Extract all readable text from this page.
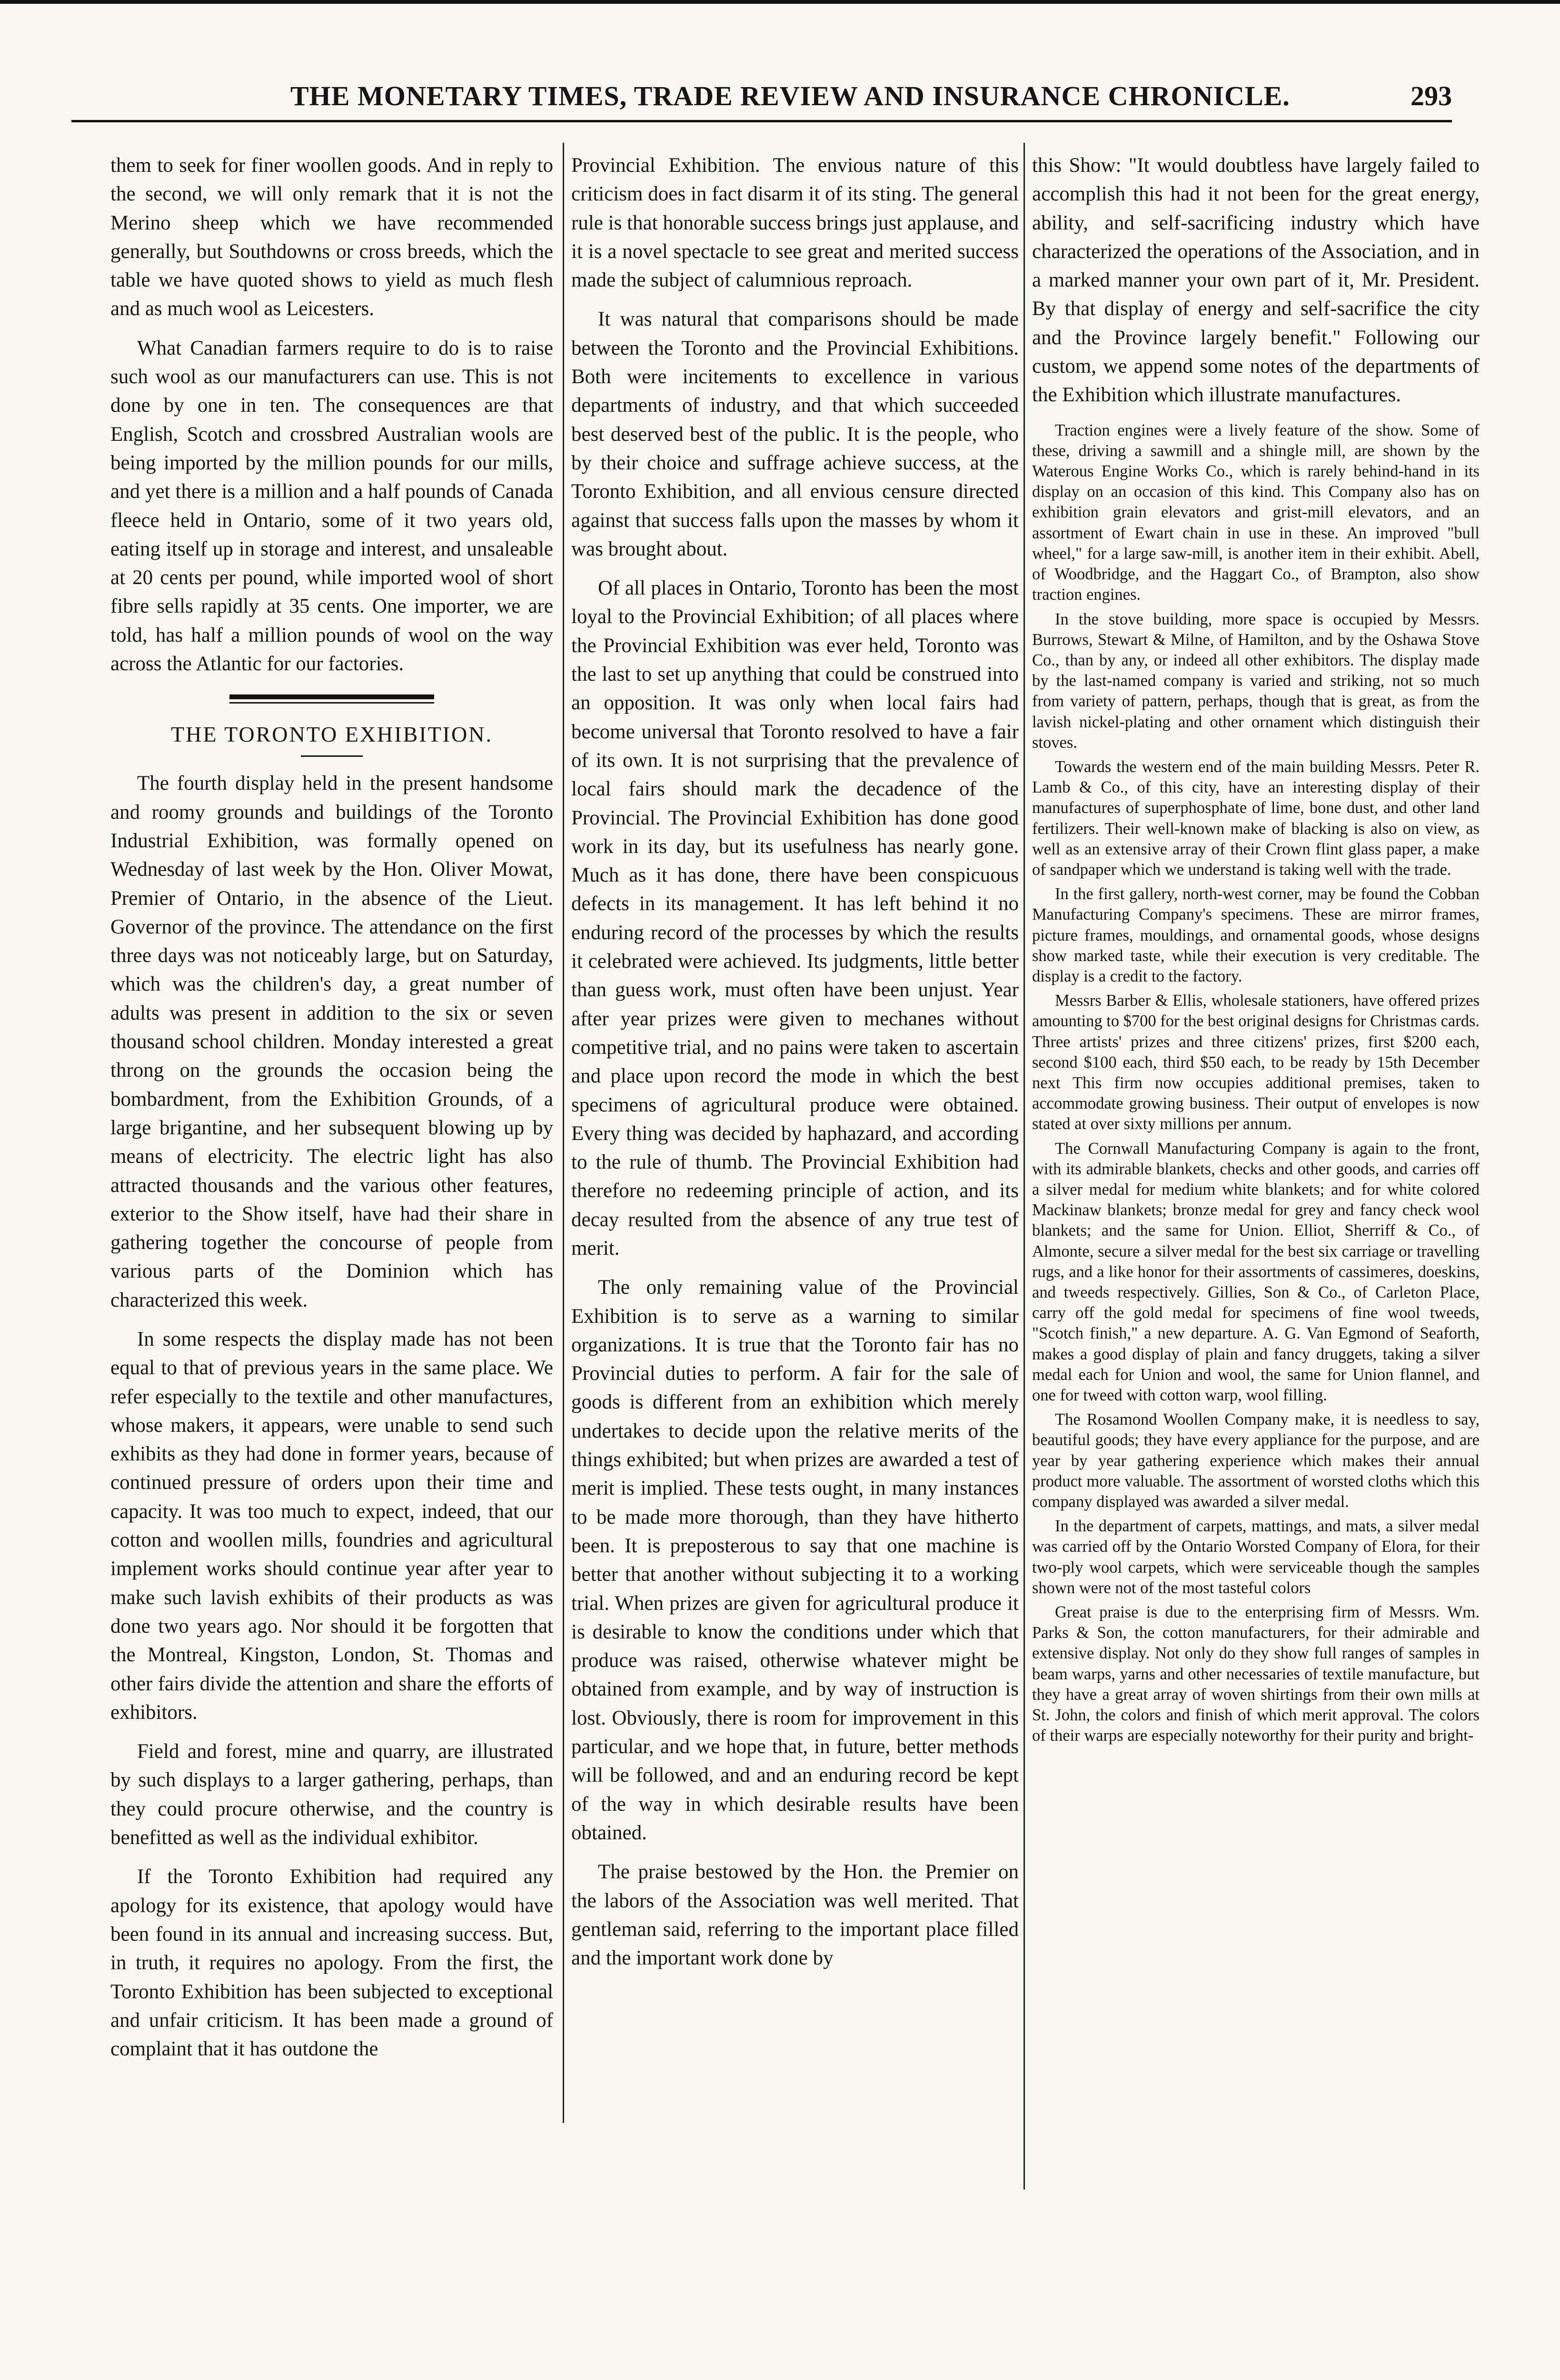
THE MONETARY TIMES, TRADE REVIEW AND INSURANCE CHRONICLE.	293

them to seek for finer woollen goods. And in reply to the second, we will only remark that it is not the Merino sheep which we have recommended generally, but Southdowns or cross breeds, which the table we have quoted shows to yield as much flesh and as much wool as Leicesters.

What Canadian farmers require to do is to raise such wool as our manufacturers can use. This is not done by one in ten. The consequences are that English, Scotch and crossbred Australian wools are being imported by the million pounds for our mills, and yet there is a million and a half pounds of Canada fleece held in Ontario, some of it two years old, eating itself up in storage and interest, and unsaleable at 20 cents per pound, while imported wool of short fibre sells rapidly at 35 cents. One importer, we are told, has half a million pounds of wool on the way across the Atlantic for our factories.

THE TORONTO EXHIBITION.

The fourth display held in the present handsome and roomy grounds and buildings of the Toronto Industrial Exhibition, was formally opened on Wednesday of last week by the Hon. Oliver Mowat, Premier of Ontario, in the absence of the Lieut. Governor of the province. The attendance on the first three days was not noticeably large, but on Saturday, which was the children's day, a great number of adults was present in addition to the six or seven thousand school children. Monday interested a great throng on the grounds the occasion being the bombardment, from the Exhibition Grounds, of a large brigantine, and her subsequent blowing up by means of electricity. The electric light has also attracted thousands and the various other features, exterior to the Show itself, have had their share in gathering together the concourse of people from various parts of the Dominion which has characterized this week.

In some respects the display made has not been equal to that of previous years in the same place. We refer especially to the textile and other manufactures, whose makers, it appears, were unable to send such exhibits as they had done in former years, because of continued pressure of orders upon their time and capacity. It was too much to expect, indeed, that our cotton and woollen mills, foundries and agricultural implement works should continue year after year to make such lavish exhibits of their products as was done two years ago. Nor should it be forgotten that the Montreal, Kingston, London, St. Thomas and other fairs divide the attention and share the efforts of exhibitors.

Field and forest, mine and quarry, are illustrated by such displays to a larger gathering, perhaps, than they could procure otherwise, and the country is benefitted as well as the individual exhibitor.

If the Toronto Exhibition had required any apology for its existence, that apology would have been found in its annual and increasing success. But, in truth, it requires no apology. From the first, the Toronto Exhibition has been subjected to exceptional and unfair criticism. It has been made a ground of complaint that it has outdone the

Provincial Exhibition. The envious nature of this criticism does in fact disarm it of its sting. The general rule is that honorable success brings just applause, and it is a novel spectacle to see great and merited success made the subject of calumnious reproach.

It was natural that comparisons should be made between the Toronto and the Provincial Exhibitions. Both were incitements to excellence in various departments of industry, and that which succeeded best deserved best of the public. It is the people, who by their choice and suffrage achieve success, at the Toronto Exhibition, and all envious censure directed against that success falls upon the masses by whom it was brought about.

Of all places in Ontario, Toronto has been the most loyal to the Provincial Exhibition; of all places where the Provincial Exhibition was ever held, Toronto was the last to set up anything that could be construed into an opposition. It was only when local fairs had become universal that Toronto resolved to have a fair of its own. It is not surprising that the prevalence of local fairs should mark the decadence of the Provincial. The Provincial Exhibition has done good work in its day, but its usefulness has nearly gone. Much as it has done, there have been conspicuous defects in its management. It has left behind it no enduring record of the processes by which the results it celebrated were achieved. Its judgments, little better than guess work, must often have been unjust. Year after year prizes were given to mechanes without competitive trial, and no pains were taken to ascertain and place upon record the mode in which the best specimens of agricultural produce were obtained. Every thing was decided by haphazard, and according to the rule of thumb. The Provincial Exhibition had therefore no redeeming principle of action, and its decay resulted from the absence of any true test of merit.

The only remaining value of the Provincial Exhibition is to serve as a warning to similar organizations. It is true that the Toronto fair has no Provincial duties to perform. A fair for the sale of goods is different from an exhibition which merely undertakes to decide upon the relative merits of the things exhibited; but when prizes are awarded a test of merit is implied. These tests ought, in many instances to be made more thorough, than they have hitherto been. It is preposterous to say that one machine is better that another without subjecting it to a working trial. When prizes are given for agricultural produce it is desirable to know the conditions under which that produce was raised, otherwise whatever might be obtained from example, and by way of instruction is lost. Obviously, there is room for improvement in this particular, and we hope that, in future, better methods will be followed, and and an enduring record be kept of the way in which desirable results have been obtained.

The praise bestowed by the Hon. the Premier on the labors of the Association was well merited. That gentleman said, referring to the important place filled and the important work done by

this Show: "It would doubtless have largely failed to accomplish this had it not been for the great energy, ability, and self-sacrificing industry which have characterized the operations of the Association, and in a marked manner your own part of it, Mr. President. By that display of energy and self-sacrifice the city and the Province largely benefit." Following our custom, we append some notes of the departments of the Exhibition which illustrate manufactures.

Traction engines were a lively feature of the show. Some of these, driving a sawmill and a shingle mill, are shown by the Waterous Engine Works Co., which is rarely behind-hand in its display on an occasion of this kind. This Company also has on exhibition grain elevators and grist-mill elevators, and an assortment of Ewart chain in use in these. An improved "bull wheel," for a large saw-mill, is another item in their exhibit. Abell, of Woodbridge, and the Haggart Co., of Brampton, also show traction engines.

In the stove building, more space is occupied by Messrs. Burrows, Stewart & Milne, of Hamilton, and by the Oshawa Stove Co., than by any, or indeed all other exhibitors. The display made by the last-named company is varied and striking, not so much from variety of pattern, perhaps, though that is great, as from the lavish nickel-plating and other ornament which distinguish their stoves.

Towards the western end of the main building Messrs. Peter R. Lamb & Co., of this city, have an interesting display of their manufactures of superphosphate of lime, bone dust, and other land fertilizers. Their well-known make of blacking is also on view, as well as an extensive array of their Crown flint glass paper, a make of sandpaper which we understand is taking well with the trade.

In the first gallery, north-west corner, may be found the Cobban Manufacturing Company's specimens. These are mirror frames, picture frames, mouldings, and ornamental goods, whose designs show marked taste, while their execution is very creditable. The display is a credit to the factory.

Messrs Barber & Ellis, wholesale stationers, have offered prizes amounting to $700 for the best original designs for Christmas cards. Three artists' prizes and three citizens' prizes, first $200 each, second $100 each, third $50 each, to be ready by 15th December next This firm now occupies additional premises, taken to accommodate growing business. Their output of envelopes is now stated at over sixty millions per annum.

The Cornwall Manufacturing Company is again to the front, with its admirable blankets, checks and other goods, and carries off a silver medal for medium white blankets; and for white colored Mackinaw blankets; bronze medal for grey and fancy check wool blankets; and the same for Union. Elliot, Sherriff & Co., of Almonte, secure a silver medal for the best six carriage or travelling rugs, and a like honor for their assortments of cassimeres, doeskins, and tweeds respectively. Gillies, Son & Co., of Carleton Place, carry off the gold medal for specimens of fine wool tweeds, "Scotch finish," a new departure. A. G. Van Egmond of Seaforth, makes a good display of plain and fancy druggets, taking a silver medal each for Union and wool, the same for Union flannel, and one for tweed with cotton warp, wool filling.

The Rosamond Woollen Company make, it is needless to say, beautiful goods; they have every appliance for the purpose, and are year by year gathering experience which makes their annual product more valuable. The assortment of worsted cloths which this company displayed was awarded a silver medal.

In the department of carpets, mattings, and mats, a silver medal was carried off by the Ontario Worsted Company of Elora, for their two-ply wool carpets, which were serviceable though the samples shown were not of the most tasteful colors

Great praise is due to the enterprising firm of Messrs. Wm. Parks & Son, the cotton manufacturers, for their admirable and extensive display. Not only do they show full ranges of samples in beam warps, yarns and other necessaries of textile manufacture, but they have a great array of woven shirtings from their own mills at St. John, the colors and finish of which merit approval. The colors of their warps are especially noteworthy for their purity and bright-
